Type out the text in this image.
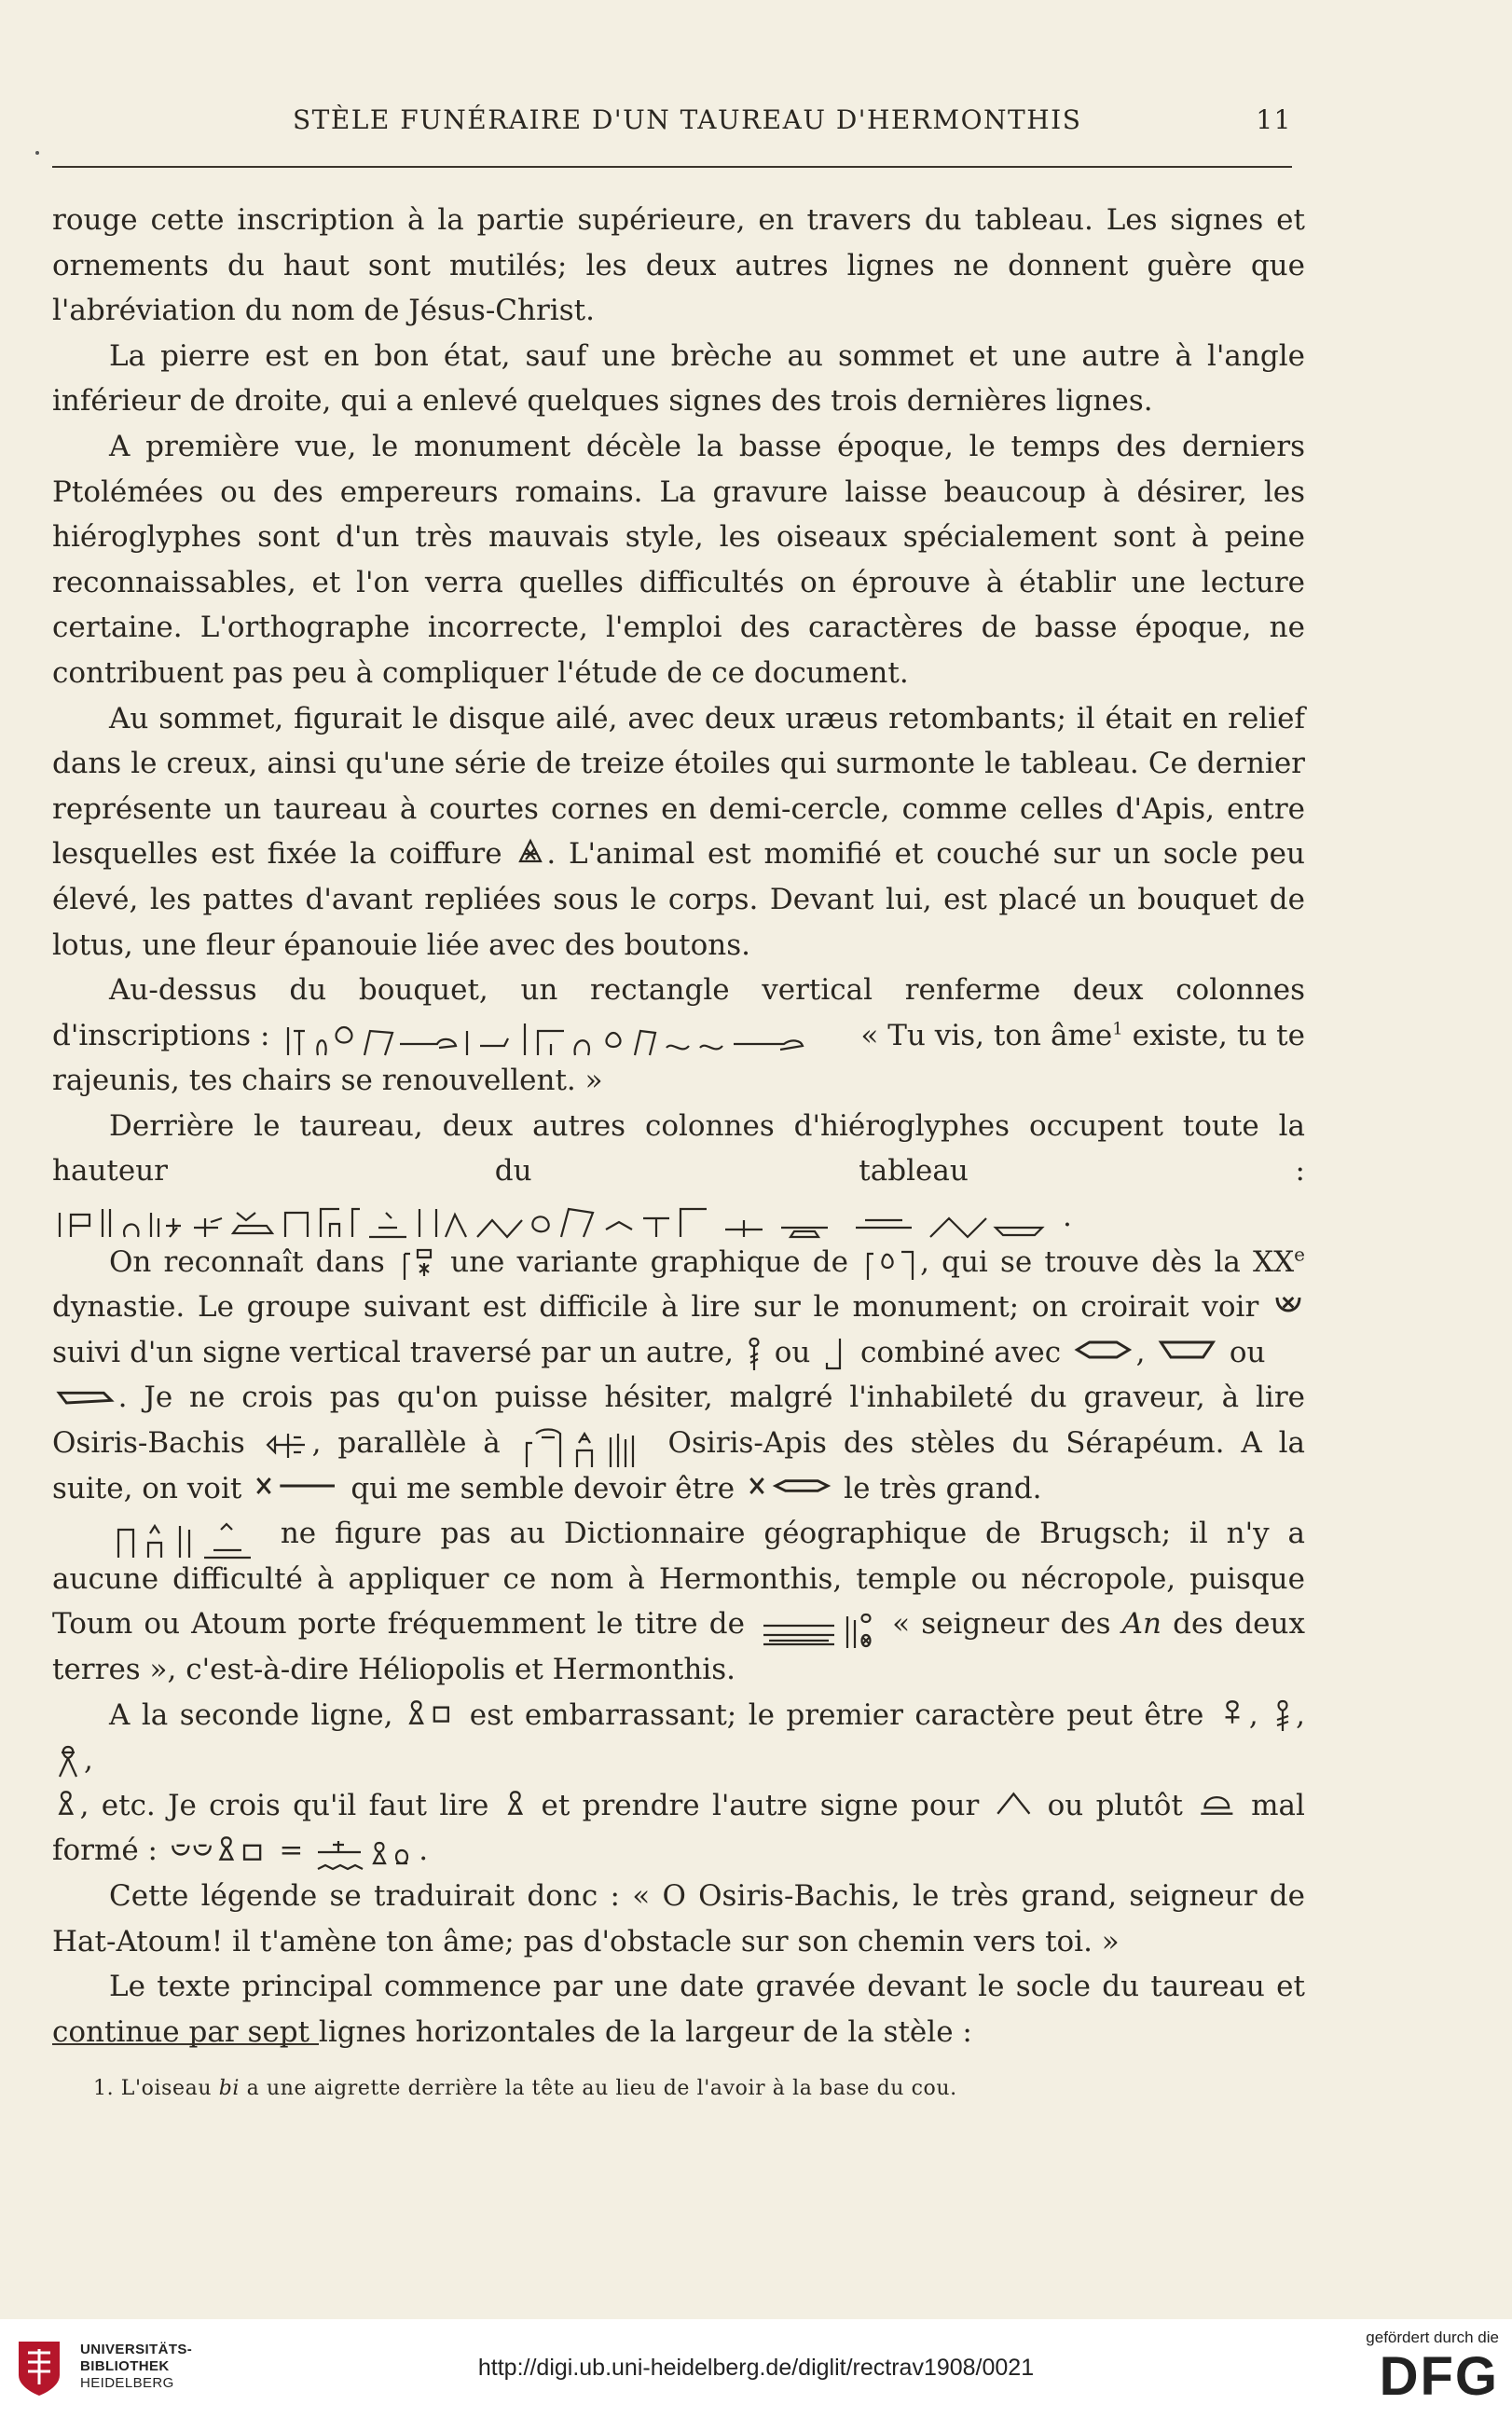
STÈLE FUNÉRAIRE D'UN TAUREAU D'HERMONTHIS	11

rouge cette inscription à la partie supérieure, en travers du tableau. Les signes et ornements du haut sont mutilés; les deux autres lignes ne donnent guère que l'abréviation du nom de Jésus-Christ.

La pierre est en bon état, sauf une brèche au sommet et une autre à l'angle inférieur de droite, qui a enlevé quelques signes des trois dernières lignes.

A première vue, le monument décèle la basse époque, le temps des derniers Ptolémées ou des empereurs romains. La gravure laisse beaucoup à désirer, les hiéroglyphes sont d'un très mauvais style, les oiseaux spécialement sont à peine reconnaissables, et l'on verra quelles difficultés on éprouve à établir une lecture certaine. L'orthographe incorrecte, l'emploi des caractères de basse époque, ne contribuent pas peu à compliquer l'étude de ce document.

Au sommet, figurait le disque ailé, avec deux uræus retombants; il était en relief dans le creux, ainsi qu'une série de treize étoiles qui surmonte le tableau. Ce dernier représente un taureau à courtes cornes en demi-cercle, comme celles d'Apis, entre lesquelles est fixée la coiffure . L'animal est momifié et couché sur un socle peu élevé, les pattes d'avant repliées sous le corps. Devant lui, est placé un bouquet de lotus, une fleur épanouie liée avec des boutons.

Au-dessus du bouquet, un rectangle vertical renferme deux colonnes d'inscriptions :	« Tu vis, ton âme$^1$ existe, tu te rajeunis, tes chairs se renouvellent. »

Derrière le taureau, deux autres colonnes d'hiéroglyphes occupent toute la hauteur du tableau :
.

On reconnaît dans une variante graphique de , qui se trouve dès la XXe dynastie. Le groupe suivant est difficile à lire sur le monument; on croirait voir
suivi d'un signe vertical traversé par un autre, ou combiné avec	,	ou

. Je ne crois pas qu'on puisse hésiter, malgré l'inhabileté du graveur, à lire Osiris-Bachis , parallèle à	Osiris-Apis des stèles du Sérapéum. A la suite, on voit	qui me semble devoir être	le très grand.

ne figure pas au Dictionnaire géographique de Brugsch; il n'y a aucune difficulté à appliquer ce nom à Hermonthis, temple ou nécropole, puisque Toum ou Atoum porte fréquemment le titre de	« seigneur des An des deux terres », c'est-à-dire Héliopolis et Hermonthis.

A la seconde ligne,	est embarrassant; le premier caractère peut être , ,
,

, etc. Je crois qu'il faut lire et prendre l'autre signe pour ou plutôt mal formé :	=	.

Cette légende se traduirait donc : « O Osiris-Bachis, le très grand, seigneur de Hat-Atoum! il t'amène ton âme; pas d'obstacle sur son chemin vers toi. »

Le texte principal commence par une date gravée devant le socle du taureau et continue par sept lignes horizontales de la largeur de la stèle :

1. L'oiseau bi a une aigrette derrière la tête au lieu de l'avoir à la base du cou.
UNIVERSITÄTS-
BIBLIOTHEK
HEIDELBERG
http://digi.ub.uni-heidelberg.de/diglit/rectrav1908/0021
gefördert durch die
DFG
